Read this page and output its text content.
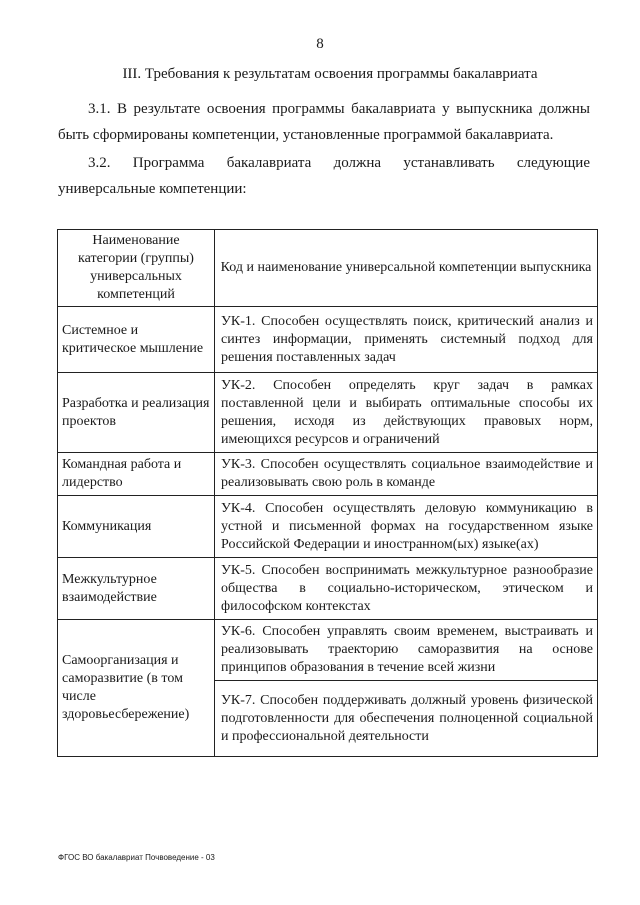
8
III. Требования к результатам освоения программы бакалавриата
3.1. В результате освоения программы бакалавриата у выпускника должны быть сформированы компетенции, установленные программой бакалавриата.
3.2. Программа бакалавриата должна устанавливать следующие
универсальные компетенции:
Наименование категории (группы) универсальных компетенций	Код и наименование универсальной компетенции выпускника
Системное и критическое мышление	УК-1. Способен осуществлять поиск, критический анализ и синтез информации, применять системный подход для решения поставленных задач
Разработка и реализация проектов	УК-2. Способен определять круг задач в рамках поставленной цели и выбирать оптимальные способы их решения, исходя из действующих правовых норм, имеющихся ресурсов и ограничений
Командная работа и лидерство	УК-3. Способен осуществлять социальное взаимодействие и реализовывать свою роль в команде
Коммуникация	УК-4. Способен осуществлять деловую коммуникацию в устной и письменной формах на государственном языке Российской Федерации и иностранном(ых) языке(ах)
Межкультурное взаимодействие	УК-5. Способен воспринимать межкультурное разнообразие общества в социально-историческом, этическом и философском контекстах
Самоорганизация и саморазвитие (в том числе здоровьесбережение)	УК-6. Способен управлять своим временем, выстраивать и реализовывать траекторию саморазвития на основе принципов образования в течение всей жизни
	УК-7. Способен поддерживать должный уровень физической подготовленности для обеспечения полноценной социальной и профессиональной деятельности
ФГОС ВО бакалавриат Почвоведение - 03
